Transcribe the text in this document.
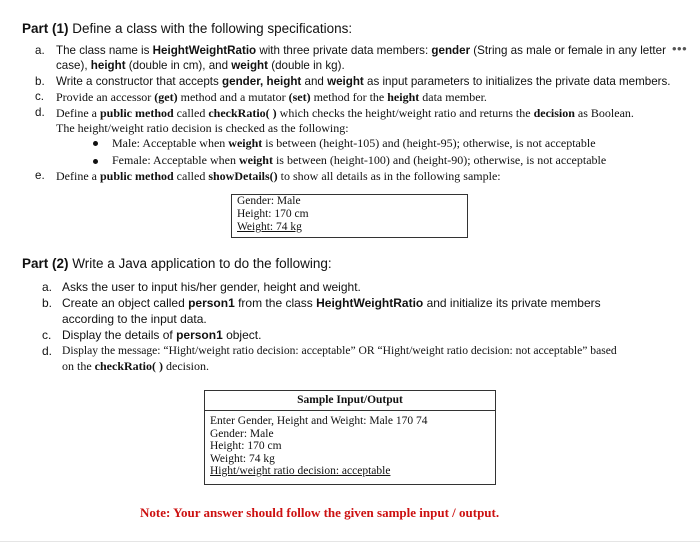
Part (1) Define a class with the following specifications:
•••
a. The class name is HeightWeightRatio with three private data members: gender (String as male or female in any letter
case), height (double in cm), and weight (double in kg).
b. Write a constructor that accepts gender, height and weight as input parameters to initializes the private data members.
c. Provide an accessor (get) method and a mutator (set) method for the height data member.
d. Define a public method called checkRatio( ) which checks the height/weight ratio and returns the decision as Boolean.
The height/weight ratio decision is checked as the following:
Male: Acceptable when weight is between (height-105) and (height-95); otherwise, is not acceptable
Female: Acceptable when weight is between (height-100) and (height-90); otherwise, is not acceptable
e. Define a public method called showDetails() to show all details as in the following sample:
Gender: Male
Height: 170 cm
Weight: 74 kg
Part (2) Write a Java application to do the following:
a. Asks the user to input his/her gender, height and weight.
b. Create an object called person1 from the class HeightWeightRatio and initialize its private members
according to the input data.
c. Display the details of person1 object.
d. Display the message: “Hight/weight ratio decision: acceptable” OR “Hight/weight ratio decision: not acceptable” based
on the checkRatio( ) decision.
Sample Input/Output
Enter Gender, Height and Weight: Male 170 74
Gender: Male
Height: 170 cm
Weight: 74 kg
Hight/weight ratio decision: acceptable
Note: Your answer should follow the given sample input / output.
